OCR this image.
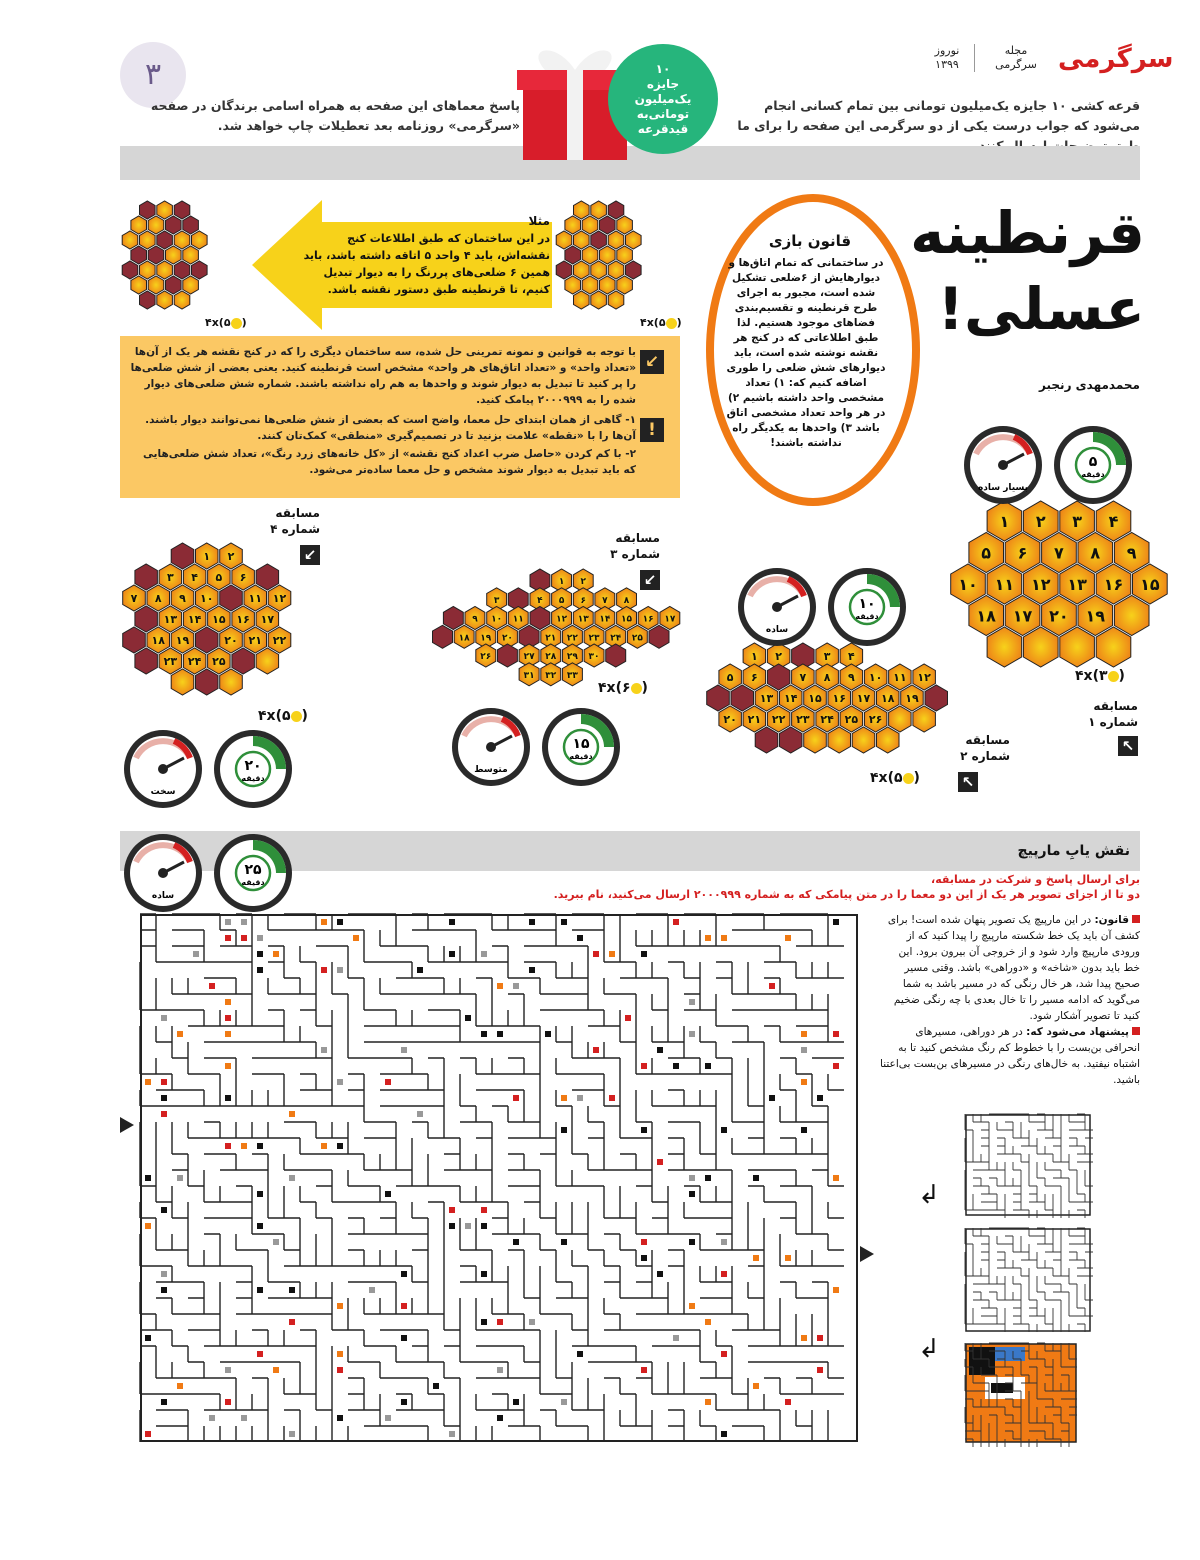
سرگرمی
مجله
سرگرمی
نوروز
۱۳۹۹
۳
قرعه کشی ۱۰ جایزه یک‌میلیون تومانی بین تمام کسانی انجام می‌شود که جواب درست یکی از دو سرگرمی این صفحه را برای ما
پاسخ معماهای این صفحه به همراه اسامی برندگان در صفحه «سرگرمی» روزنامه بعد تعطیلات چاپ خواهد شد.
۱۰
جایزه
یک‌میلیون
تومانی‌به
قید‌قرعه
قرنطینه عسلی!
محمدمهدی رنجبر
قانون بازی
در ساختمانی که تمام اتاق‌ها و دیوارهایش از ۶ضلعی تشکیل شده است، مجبور به اجرای طرح قرنطینه و تقسیم‌بندی فضاهای موجود هستیم. لذا طبق اطلاعاتی که در کنج هر نقشه نوشته شده است، باید دیوارهای شش ضلعی را طوری اضافه کنیم که: ۱) تعداد مشخصی واحد داشته باشیم ۲) در هر واحد تعداد مشخصی اتاق باشد ۳) واحدها به یکدیگر راه نداشته باشند!
مثلا
در این ساختمان که طبق اطلاعات کنج نقشه‌اش، باید ۴ واحد ۵ اتاقه داشته باشد، باید همین ۶ ضلعی‌های پررنگ را به دیوار تبدیل کنیم، تا قرنطینه طبق دستور نقشه باشد.
۴x(۵ )
۴x(۵ )
↙
با توجه به قوانین و نمونه تمرینی حل شده، سه ساختمان دیگری را که در کنج نقشه هر یک از آن‌ها «تعداد واحد» و «تعداد اتاق‌های هر واحد» مشخص است قرنطینه کنید. یعنی بعضی از شش ضلعی‌ها را پر کنید تا تبدیل به دیوار شوند و واحدها به هم راه نداشته باشند. شماره شش ضلعی‌های دیوار شده را به ۲۰۰۰۹۹۹ پیامک کنید.
!
۱- گاهی از همان ابتدای حل معما، واضح است که بعضی از شش ضلعی‌ها نمی‌توانند دیوار باشند. آن‌ها را با «نقطه» علامت بزنید تا در تصمیم‌گیری «منطقی» کمک‌تان کنند.
۲- با کم کردن «حاصل ضرب اعداد کنج نقشه» از «کل خانه‌های زرد رنگ»، تعداد شش ضلعی‌هایی که باید تبدیل به دیوار شوند مشخص و حل معما ساده‌تر می‌شود.
۱ ۲ ۳ ۴
۵ ۶ ۷ ۸ ۹
۱۰ ۱۱ ۱۲ ۱۳ ۱۶ ۱۵
۱۸ ۱۷ ۲۰ ۱۹
۴x(۳ )
مسابقه
شماره ۱
↖
۵
دقیقه
بسیار ساده
۱ ۲	۳ ۴
۵ ۶	۷ ۸ ۹ ۱۰ ۱۱ ۱۲
۱۳ ۱۴ ۱۵ ۱۶ ۱۷ ۱۸ ۱۹
۲۰ ۲۱ ۲۲ ۲۳ ۲۴ ۲۵ ۲۶
۴x(۵ )
مسابقه
شماره ۲
↖
۱۰
دقیقه
ساده
۱ ۲
۳	۴ ۵ ۶ ۷ ۸
۹ ۱۰ ۱۱	۱۲ ۱۳ ۱۴ ۱۵ ۱۶ ۱۷
۱۸ ۱۹ ۲۰	۲۱ ۲۲ ۲۳ ۲۴ ۲۵
۲۶	۲۷ ۲۸ ۲۹ ۳۰
۳۱ ۳۲ ۳۳
۴x(۶ )
مسابقه
شماره ۳
↙
۱۵
دقیقه
متوسط
۱ ۲
۳ ۴ ۵ ۶
۷ ۸ ۹ ۱۰	۱۱ ۱۲
۱۳ ۱۴ ۱۵ ۱۶ ۱۷
۱۸ ۱۹	۲۰ ۲۱ ۲۲
۲۳ ۲۴ ۲۵
۴x(۵ )
مسابقه
شماره ۴
↙
۲۰
دقیقه
سخت
نقش یابِ مارپیچ
۲۵
دقیقه
ساده
برای ارسال پاسخ و شرکت در مسابقه،
دو تا از اجزای تصویر هر یک از این دو معما را در متن پیامکی که به شماره ۲۰۰۰۹۹۹ ارسال می‌کنید، نام ببرید.
قانون: در این مارپیچ یک تصویر پنهان شده است! برای کشف آن باید یک خط شکسته مارپیچ را پیدا کنید که از ورودی مارپیچ وارد شود و از خروجی آن بیرون برود. این خط باید بدون «شاخه» و «دوراهی» باشد. وقتی مسیر صحیح پیدا شد، هر خال رنگی که در مسیر باشد به شما می‌گوید که ادامه مسیر را تا خال بعدی با چه رنگی ضخیم کنید تا تصویر آشکار شود.
پیشنهاد می‌شود که: در هر دوراهی، مسیرهای انحرافی بن‌بست را با خطوط کم رنگ مشخص کنید تا به اشتباه نیفتید. به خال‌های رنگی در مسیرهای بن‌بست بی‌اعتنا باشید.
↲
↲
